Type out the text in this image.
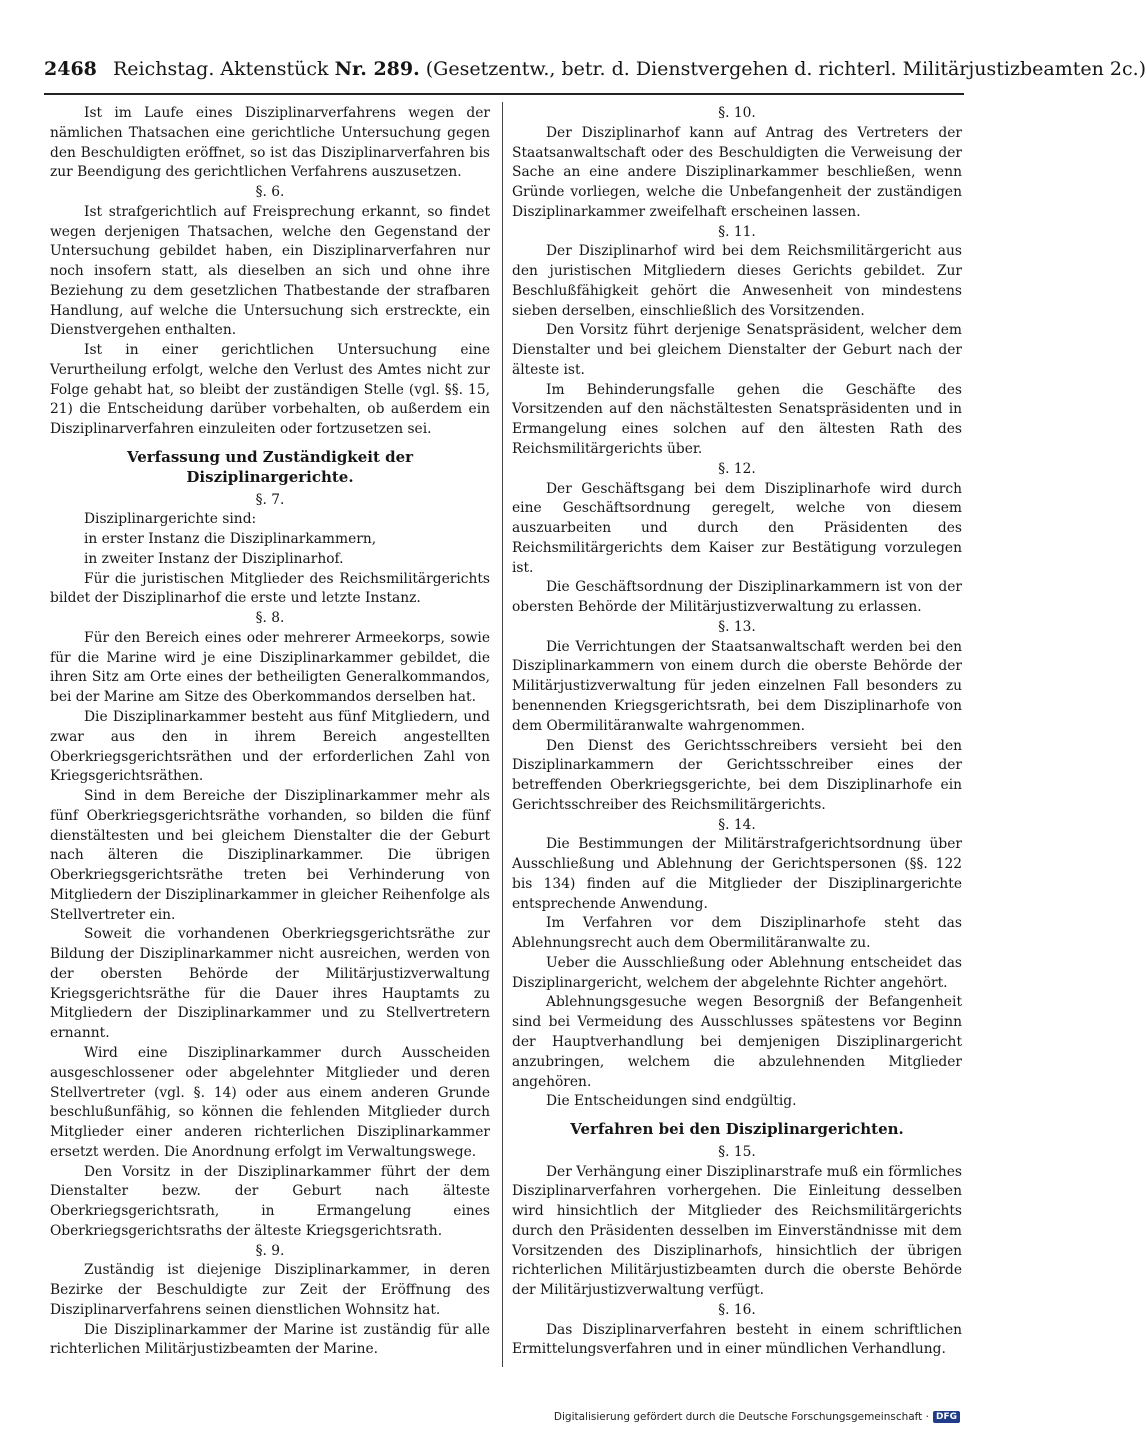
2468 Reichstag. Aktenstück Nr. 289. (Gesetzentw., betr. d. Dienstvergehen d. richterl. Militärjustizbeamten 2c.)

Ist im Laufe eines Disziplinarverfahrens wegen der nämlichen Thatsachen eine gerichtliche Untersuchung gegen den Beschuldigten eröffnet, so ist das Disziplinarverfahren bis zur Beendigung des gerichtlichen Verfahrens auszusetzen.

§. 6.

Ist strafgerichtlich auf Freisprechung erkannt, so findet wegen derjenigen Thatsachen, welche den Gegenstand der Untersuchung gebildet haben, ein Disziplinarverfahren nur noch insofern statt, als dieselben an sich und ohne ihre Beziehung zu dem gesetzlichen Thatbestande der strafbaren Handlung, auf welche die Untersuchung sich erstreckte, ein Dienstvergehen enthalten.

Ist in einer gerichtlichen Untersuchung eine Verurtheilung erfolgt, welche den Verlust des Amtes nicht zur Folge gehabt hat, so bleibt der zuständigen Stelle (vgl. §§. 15, 21) die Entscheidung darüber vorbehalten, ob außerdem ein Disziplinarverfahren einzuleiten oder fortzusetzen sei.

Verfassung und Zuständigkeit der Disziplinargerichte.
§. 7.

Disziplinargerichte sind:

in erster Instanz die Disziplinarkammern,
in zweiter Instanz der Disziplinarhof.

Für die juristischen Mitglieder des Reichsmilitärgerichts bildet der Disziplinarhof die erste und letzte Instanz.

§. 8.

Für den Bereich eines oder mehrerer Armeekorps, sowie für die Marine wird je eine Disziplinarkammer gebildet, die ihren Sitz am Orte eines der betheiligten Generalkommandos, bei der Marine am Sitze des Oberkommandos derselben hat.

Die Disziplinarkammer besteht aus fünf Mitgliedern, und zwar aus den in ihrem Bereich angestellten Oberkriegsgerichtsräthen und der erforderlichen Zahl von Kriegsgerichtsräthen.

Sind in dem Bereiche der Disziplinarkammer mehr als fünf Oberkriegsgerichtsräthe vorhanden, so bilden die fünf dienstältesten und bei gleichem Dienstalter die der Geburt nach älteren die Disziplinarkammer. Die übrigen Oberkriegsgerichtsräthe treten bei Verhinderung von Mitgliedern der Disziplinarkammer in gleicher Reihenfolge als Stellvertreter ein.

Soweit die vorhandenen Oberkriegsgerichtsräthe zur Bildung der Disziplinarkammer nicht ausreichen, werden von der obersten Behörde der Militärjustizverwaltung Kriegsgerichtsräthe für die Dauer ihres Hauptamts zu Mitgliedern der Disziplinarkammer und zu Stellvertretern ernannt.

Wird eine Disziplinarkammer durch Ausscheiden ausgeschlossener oder abgelehnter Mitglieder und deren Stellvertreter (vgl. §. 14) oder aus einem anderen Grunde beschlußunfähig, so können die fehlenden Mitglieder durch Mitglieder einer anderen richterlichen Disziplinarkammer ersetzt werden. Die Anordnung erfolgt im Verwaltungswege.

Den Vorsitz in der Disziplinarkammer führt der dem Dienstalter bezw. der Geburt nach älteste Oberkriegsgerichtsrath, in Ermangelung eines Oberkriegsgerichtsraths der älteste Kriegsgerichtsrath.

§. 9.

Zuständig ist diejenige Disziplinarkammer, in deren Bezirke der Beschuldigte zur Zeit der Eröffnung des Disziplinarverfahrens seinen dienstlichen Wohnsitz hat.

Die Disziplinarkammer der Marine ist zuständig für alle richterlichen Militärjustizbeamten der Marine.

§. 10.

Der Disziplinarhof kann auf Antrag des Vertreters der Staatsanwaltschaft oder des Beschuldigten die Verweisung der Sache an eine andere Disziplinarkammer beschließen, wenn Gründe vorliegen, welche die Unbefangenheit der zuständigen Disziplinarkammer zweifelhaft erscheinen lassen.

§. 11.

Der Disziplinarhof wird bei dem Reichsmilitärgericht aus den juristischen Mitgliedern dieses Gerichts gebildet. Zur Beschlußfähigkeit gehört die Anwesenheit von mindestens sieben derselben, einschließlich des Vorsitzenden.

Den Vorsitz führt derjenige Senatspräsident, welcher dem Dienstalter und bei gleichem Dienstalter der Geburt nach der älteste ist.

Im Behinderungsfalle gehen die Geschäfte des Vorsitzenden auf den nächstältesten Senatspräsidenten und in Ermangelung eines solchen auf den ältesten Rath des Reichsmilitärgerichts über.

§. 12.

Der Geschäftsgang bei dem Disziplinarhofe wird durch eine Geschäftsordnung geregelt, welche von diesem auszuarbeiten und durch den Präsidenten des Reichsmilitärgerichts dem Kaiser zur Bestätigung vorzulegen ist.

Die Geschäftsordnung der Disziplinarkammern ist von der obersten Behörde der Militärjustizverwaltung zu erlassen.

§. 13.

Die Verrichtungen der Staatsanwaltschaft werden bei den Disziplinarkammern von einem durch die oberste Behörde der Militärjustizverwaltung für jeden einzelnen Fall besonders zu benennenden Kriegsgerichtsrath, bei dem Disziplinarhofe von dem Obermilitäranwalte wahrgenommen.

Den Dienst des Gerichtsschreibers versieht bei den Disziplinarkammern der Gerichtsschreiber eines der betreffenden Oberkriegsgerichte, bei dem Disziplinarhofe ein Gerichtsschreiber des Reichsmilitärgerichts.

§. 14.

Die Bestimmungen der Militärstrafgerichtsordnung über Ausschließung und Ablehnung der Gerichtspersonen (§§. 122 bis 134) finden auf die Mitglieder der Disziplinargerichte entsprechende Anwendung.

Im Verfahren vor dem Disziplinarhofe steht das Ablehnungsrecht auch dem Obermilitäranwalte zu.

Ueber die Ausschließung oder Ablehnung entscheidet das Disziplinargericht, welchem der abgelehnte Richter angehört.

Ablehnungsgesuche wegen Besorgniß der Befangenheit sind bei Vermeidung des Ausschlusses spätestens vor Beginn der Hauptverhandlung bei demjenigen Disziplinargericht anzubringen, welchem die abzulehnenden Mitglieder angehören.

Die Entscheidungen sind endgültig.

Verfahren bei den Disziplinargerichten.
§. 15.

Der Verhängung einer Disziplinarstrafe muß ein förmliches Disziplinarverfahren vorhergehen. Die Einleitung desselben wird hinsichtlich der Mitglieder des Reichsmilitärgerichts durch den Präsidenten desselben im Einverständnisse mit dem Vorsitzenden des Disziplinarhofs, hinsichtlich der übrigen richterlichen Militärjustizbeamten durch die oberste Behörde der Militärjustizverwaltung verfügt.

§. 16.

Das Disziplinarverfahren besteht in einem schriftlichen Ermittelungsverfahren und in einer mündlichen Verhandlung.

Digitalisierung gefördert durch die Deutsche Forschungsgemeinschaft · DFG
